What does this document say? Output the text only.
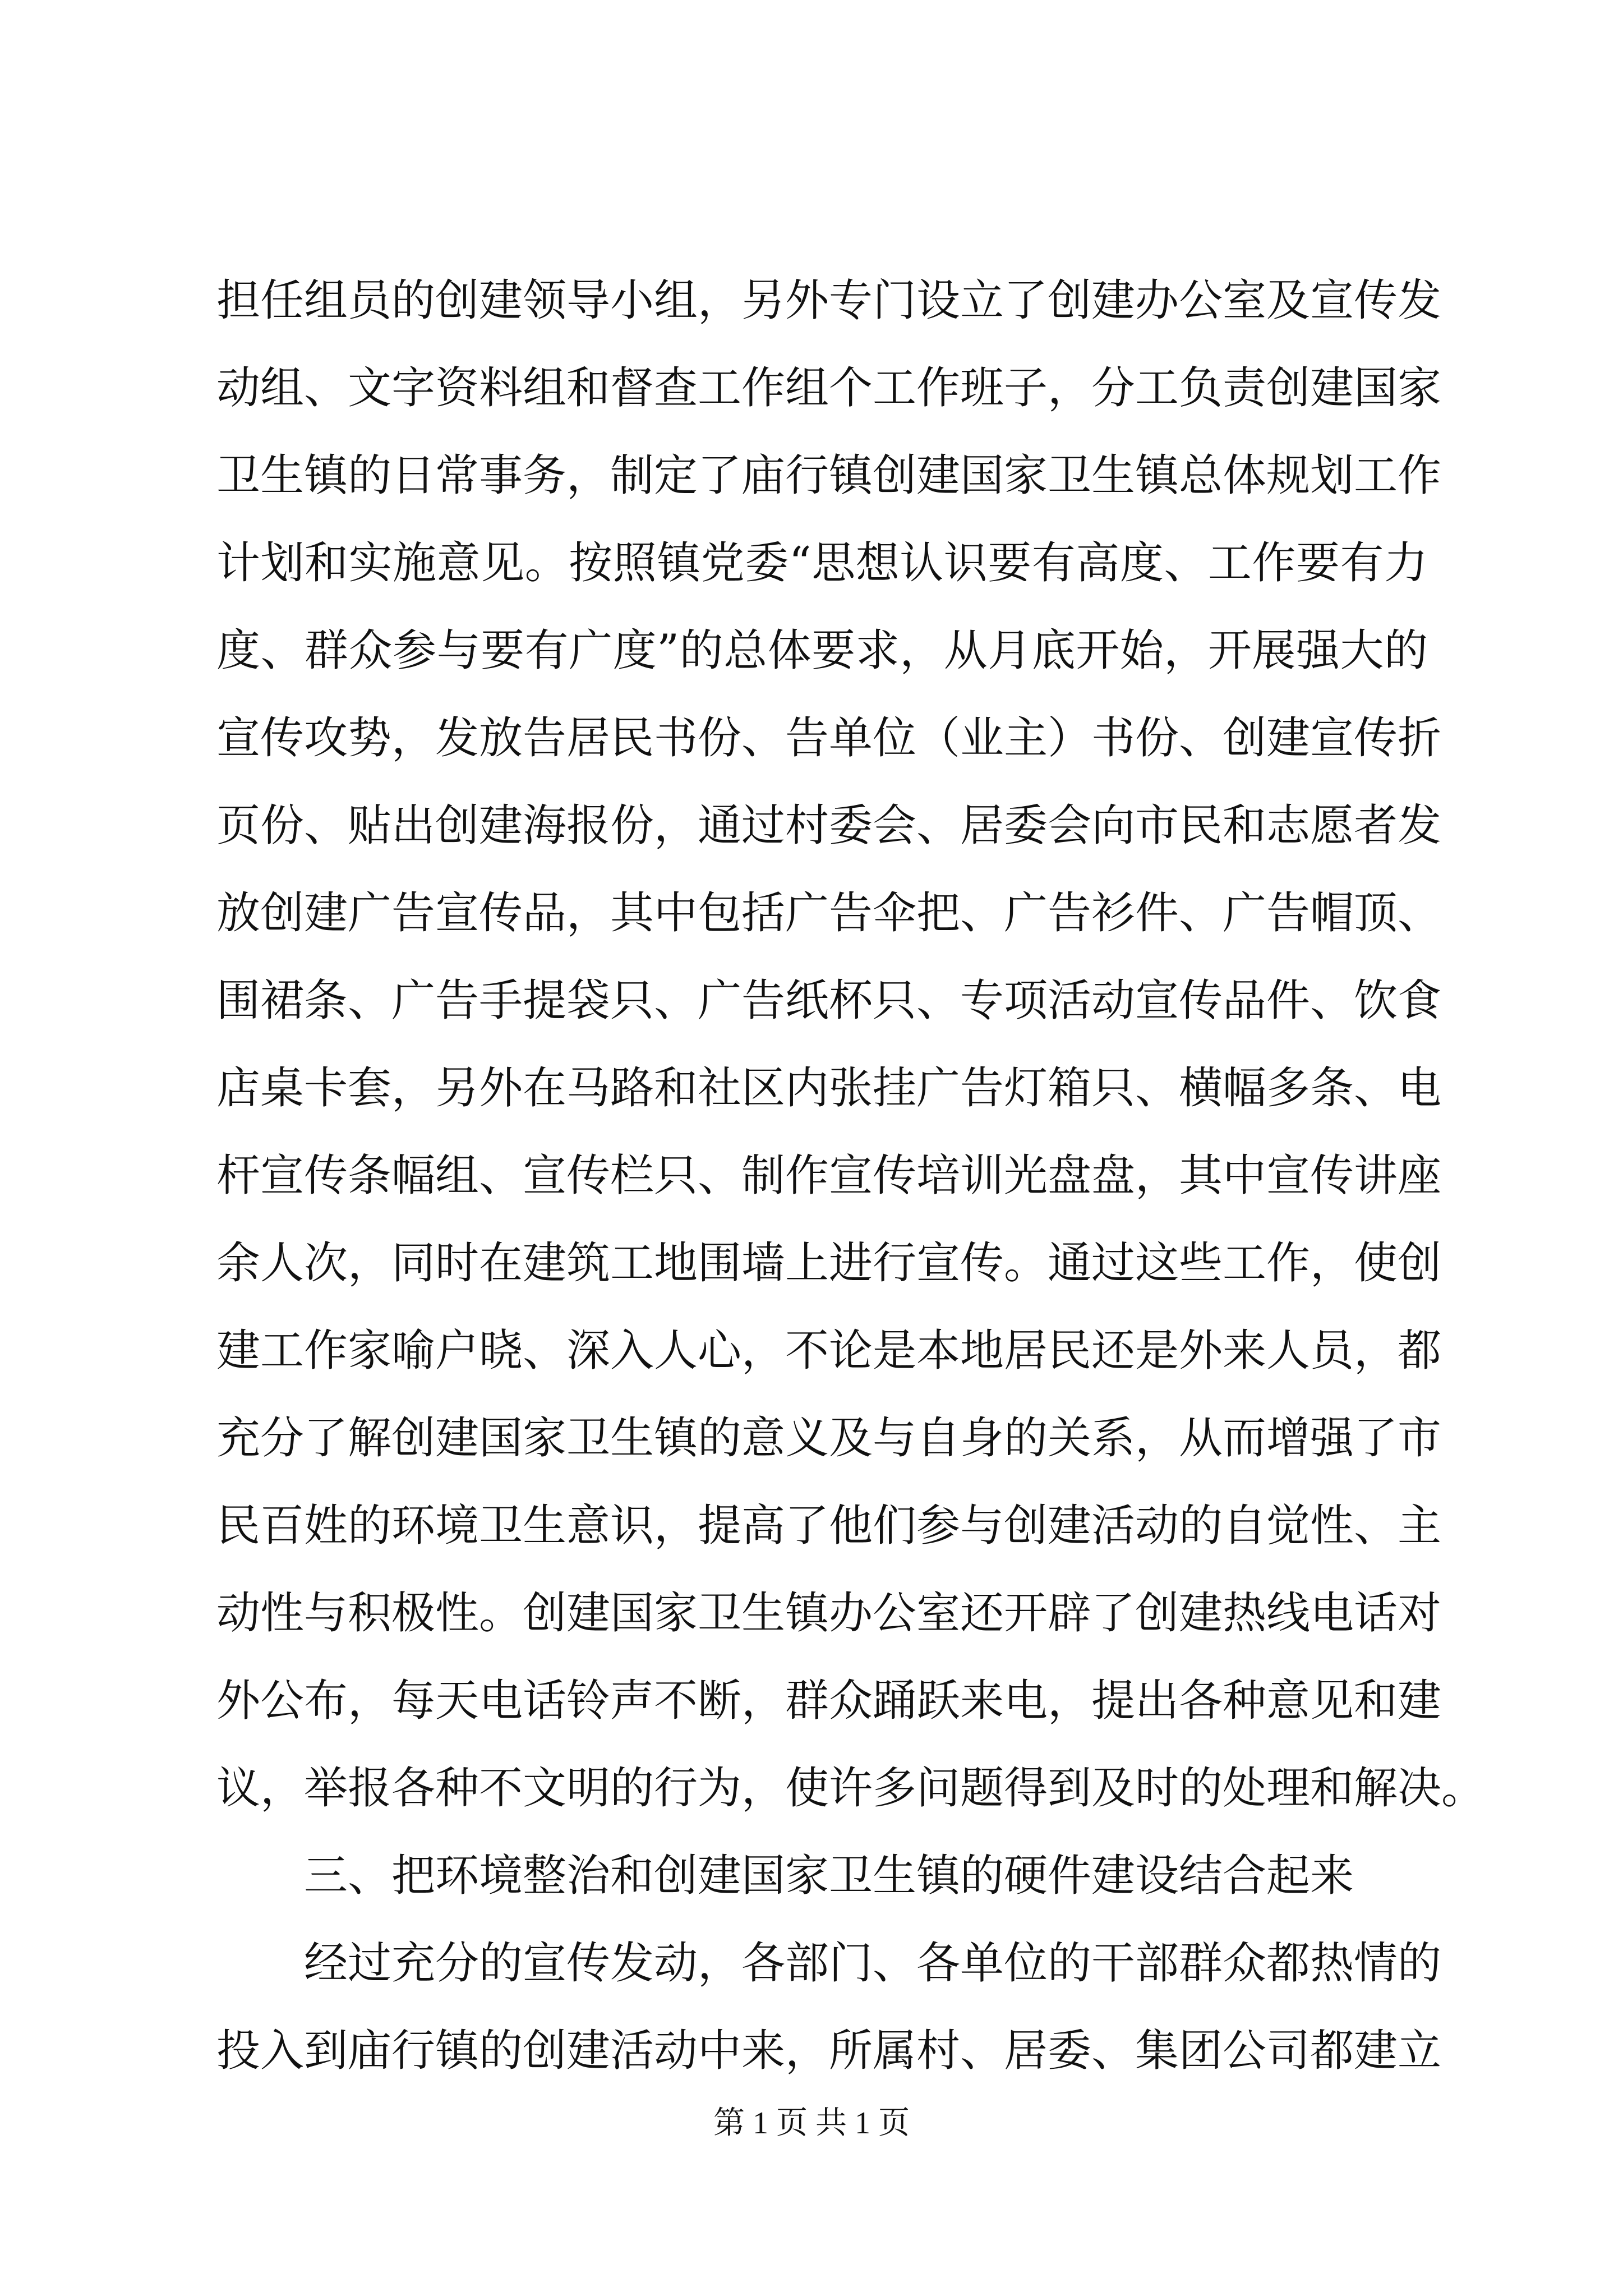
担任组员的创建领导小组，另外专门设立了创建办公室及宣传发
动组、文字资料组和督查工作组个工作班子，分工负责创建国家
卫生镇的日常事务，制定了庙行镇创建国家卫生镇总体规划工作
计划和实施意见。按照镇党委“思想认识要有高度、工作要有力
度、群众参与要有广度”的总体要求，从月底开始，开展强大的
宣传攻势，发放告居民书份、告单位（业主）书份、创建宣传折
页份、贴出创建海报份，通过村委会、居委会向市民和志愿者发
放创建广告宣传品，其中包括广告伞把、广告衫件、广告帽顶、
围裙条、广告手提袋只、广告纸杯只、专项活动宣传品件、饮食
店桌卡套，另外在马路和社区内张挂广告灯箱只、横幅多条、电
杆宣传条幅组、宣传栏只、制作宣传培训光盘盘，其中宣传讲座
余人次，同时在建筑工地围墙上进行宣传。通过这些工作，使创
建工作家喻户晓、深入人心，不论是本地居民还是外来人员，都
充分了解创建国家卫生镇的意义及与自身的关系，从而增强了市
民百姓的环境卫生意识，提高了他们参与创建活动的自觉性、主
动性与积极性。创建国家卫生镇办公室还开辟了创建热线电话对
外公布，每天电话铃声不断，群众踊跃来电，提出各种意见和建
议，举报各种不文明的行为，使许多问题得到及时的处理和解决。
三、把环境整治和创建国家卫生镇的硬件建设结合起来
经过充分的宣传发动，各部门、各单位的干部群众都热情的
投入到庙行镇的创建活动中来，所属村、居委、集团公司都建立
第 1 页 共 1 页
